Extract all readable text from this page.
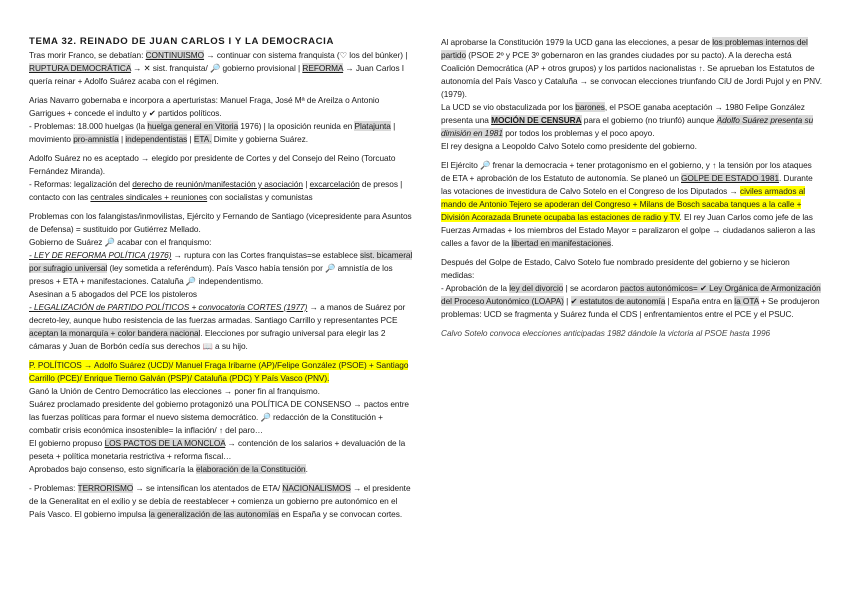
TEMA 32. REINADO DE JUAN CARLOS I Y LA DEMOCRACIA

Tras morir Franco, se debatían: CONTINUISMO → continuar con sistema franquista (♡ los del búnker) | RUPTURA DEMOCRÁTICA → ✕ sist. franquista/ 🔎 gobierno provisional | REFORMA → Juan Carlos I quería reinar + Adolfo Suárez acaba con el régimen.

Arias Navarro gobernaba e incorpora a aperturistas: Manuel Fraga, José Mª de Areilza o Antonio Garrigues + concede el indulto y ✔ partidos políticos.
- Problemas: 18.000 huelgas (la huelga general en Vitoria 1976) | la oposición reunida en Platajunta | movimiento pro-amnistía | independentistas | ETA. Dimite y gobierna Suárez.

Adolfo Suárez no es aceptado → elegido por presidente de Cortes y del Consejo del Reino (Torcuato Fernández Miranda).
- Reformas: legalización del derecho de reunión/manifestación y asociación | excarcelación de presos | contacto con las centrales sindicales + reuniones con socialistas y comunistas

Problemas con los falangistas/inmovilistas, Ejército y Fernando de Santiago (vicepresidente para Asuntos de Defensa) = sustituido por Gutiérrez Mellado.
Gobierno de Suárez 🔎 acabar con el franquismo:
- LEY DE REFORMA POLÍTICA (1976) → ruptura con las Cortes franquistas=se establece sist. bicameral por sufragio universal (ley sometida a referéndum). País Vasco había tensión por 🔎 amnistía de los presos + ETA + manifestaciones. Cataluña 🔎 independentismo.
Asesinan a 5 abogados del PCE los pistoleros
- LEGALIZACIÓN de PARTIDO POLÍTICOS + convocatoria CORTES (1977) → a manos de Suárez por decreto-ley, aunque hubo resistencia de las fuerzas armadas. Santiago Carrillo y representantes PCE aceptan la monarquía + color bandera nacional. Elecciones por sufragio universal para elegir las 2 cámaras y Juan de Borbón cedía sus derechos 📖 a su hijo.

P. POLÍTICOS → Adolfo Suárez (UCD)/ Manuel Fraga Iribarne (AP)/Felipe González (PSOE) + Santiago Carrillo (PCE)/ Enrique Tierno Galván (PSP)/ Cataluña (PDC) Y País Vasco (PNV).
Ganó la Unión de Centro Democrático las elecciones → poner fin al franquismo.
Suárez proclamado presidente del gobierno protagonizó una POLÍTICA DE CONSENSO → pactos entre las fuerzas políticas para formar el nuevo sistema democrático. 🔎 redacción de la Constitución + combatir crisis económica insostenible= la inflación/ ↑ del paro…
El gobierno propuso LOS PACTOS DE LA MONCLOA → contención de los salarios + devaluación de la peseta + política monetaria restrictiva + reforma fiscal…
Aprobados bajo consenso, esto significaría la elaboración de la Constitución.

- Problemas: TERRORISMO → se intensifican los atentados de ETA/ NACIONALISMOS → el presidente de la Generalitat en el exilio y se debía de reestablecer + comienza un gobierno pre autonómico en el País Vasco. El gobierno impulsa la generalización de las autonomías en España y se convocan cortes.

Al aprobarse la Constitución 1979 la UCD gana las elecciones, a pesar de los problemas internos del partido (PSOE 2º y PCE 3º gobernaron en las grandes ciudades por su pacto). A la derecha está Coalición Democrática (AP + otros grupos) y los partidos nacionalistas ↑. Se aprueban los Estatutos de autonomía del País Vasco y Cataluña → se convocan elecciones triunfando CiU de Jordi Pujol y en PNV. (1979).
La UCD se vio obstaculizada por los barones, el PSOE ganaba aceptación → 1980 Felipe González presenta una MOCIÓN DE CENSURA para el gobierno (no triunfó) aunque Adolfo Suárez presenta su dimisión en 1981 por todos los problemas y el poco apoyo.
El rey designa a Leopoldo Calvo Sotelo como presidente del gobierno.

El Ejército 🔎 frenar la democracia + tener protagonismo en el gobierno, y ↑ la tensión por los ataques de ETA + aprobación de los Estatuto de autonomía. Se planeó un GOLPE DE ESTADO 1981. Durante las votaciones de investidura de Calvo Sotelo en el Congreso de los Diputados → civiles armados al mando de Antonio Tejero se apoderan del Congreso + Milans de Bosch sacaba tanques a la calle + División Acorazada Brunete ocupaba las estaciones de radio y TV. El rey Juan Carlos como jefe de las Fuerzas Armadas + los miembros del Estado Mayor = paralizaron el golpe → ciudadanos salieron a las calles a favor de la libertad en manifestaciones.

Después del Golpe de Estado, Calvo Sotelo fue nombrado presidente del gobierno y se hicieron medidas:
- Aprobación de la ley del divorcio | se acordaron pactos autonómicos= ✔ Ley Orgánica de Armonización del Proceso Autonómico (LOAPA) | ✔ estatutos de autonomía | España entra en la OTA + Se produjeron problemas: UCD se fragmenta y Suárez funda el CDS | enfrentamientos entre el PCE y el PSUC.

Calvo Sotelo convoca elecciones anticipadas 1982 dándole la victoria al PSOE hasta 1996
